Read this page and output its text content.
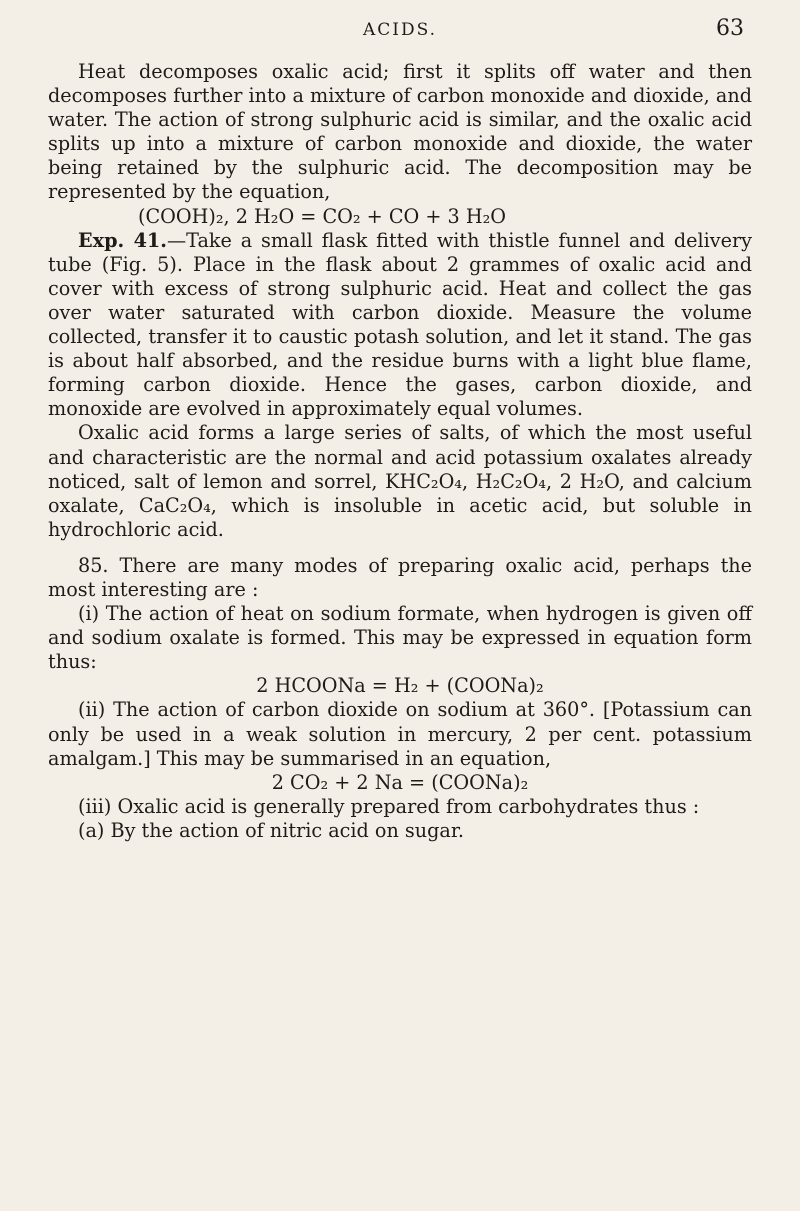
ACIDS.	63

Heat decomposes oxalic acid; first it splits off water and then decomposes further into a mixture of carbon monoxide and dioxide, and water. The action of strong sulphuric acid is similar, and the oxalic acid splits up into a mixture of carbon monoxide and dioxide, the water being retained by the sulphuric acid. The decomposition may be represented by the equation,

(COOH)₂, 2 H₂O = CO₂ + CO + 3 H₂O

Exp. 41.—Take a small flask fitted with thistle funnel and delivery tube (Fig. 5). Place in the flask about 2 grammes of oxalic acid and cover with excess of strong sulphuric acid. Heat and collect the gas over water saturated with carbon dioxide. Measure the volume collected, transfer it to caustic potash solution, and let it stand. The gas is about half absorbed, and the residue burns with a light blue flame, forming carbon dioxide. Hence the gases, carbon dioxide, and monoxide are evolved in approximately equal volumes.

Oxalic acid forms a large series of salts, of which the most useful and characteristic are the normal and acid potassium oxalates already noticed, salt of lemon and sorrel, KHC₂O₄, H₂C₂O₄, 2 H₂O, and calcium oxalate, CaC₂O₄, which is insoluble in acetic acid, but soluble in hydrochloric acid.

85. There are many modes of preparing oxalic acid, perhaps the most interesting are :

(i) The action of heat on sodium formate, when hydrogen is given off and sodium oxalate is formed. This may be expressed in equation form thus:

2 HCOONa = H₂ + (COONa)₂

(ii) The action of carbon dioxide on sodium at 360°. [Potassium can only be used in a weak solution in mercury, 2 per cent. potassium amalgam.] This may be summarised in an equation,

2 CO₂ + 2 Na = (COONa)₂

(iii) Oxalic acid is generally prepared from carbohydrates thus :

(a) By the action of nitric acid on sugar.
